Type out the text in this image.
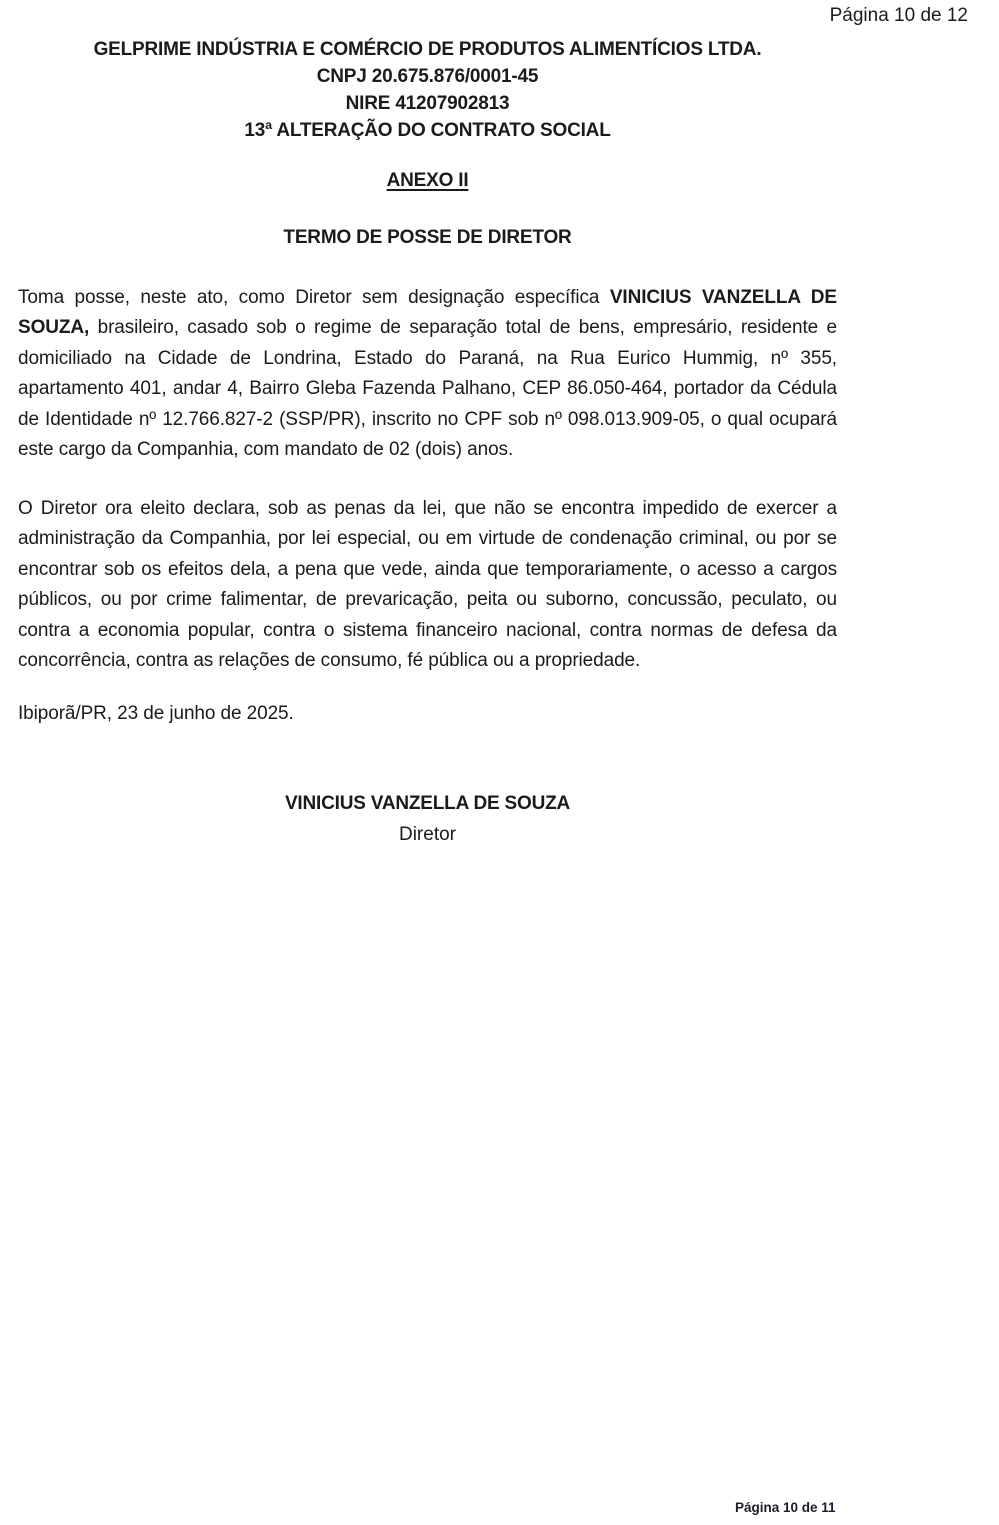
Página 10 de 12
GELPRIME INDÚSTRIA E COMÉRCIO DE PRODUTOS ALIMENTÍCIOS LTDA.
CNPJ 20.675.876/0001-45
NIRE 41207902813
13ª ALTERAÇÃO DO CONTRATO SOCIAL
ANEXO II
TERMO DE POSSE DE DIRETOR
Toma posse, neste ato, como Diretor sem designação específica VINICIUS VANZELLA DE SOUZA, brasileiro, casado sob o regime de separação total de bens, empresário, residente e domiciliado na Cidade de Londrina, Estado do Paraná, na Rua Eurico Hummig, nº 355, apartamento 401, andar 4, Bairro Gleba Fazenda Palhano, CEP 86.050-464, portador da Cédula de Identidade nº 12.766.827-2 (SSP/PR), inscrito no CPF sob nº 098.013.909-05, o qual ocupará este cargo da Companhia, com mandato de 02 (dois) anos.
O Diretor ora eleito declara, sob as penas da lei, que não se encontra impedido de exercer a administração da Companhia, por lei especial, ou em virtude de condenação criminal, ou por se encontrar sob os efeitos dela, a pena que vede, ainda que temporariamente, o acesso a cargos públicos, ou por crime falimentar, de prevaricação, peita ou suborno, concussão, peculato, ou contra a economia popular, contra o sistema financeiro nacional, contra normas de defesa da concorrência, contra as relações de consumo, fé pública ou a propriedade.
Ibiporã/PR, 23 de junho de 2025.
VINICIUS VANZELLA DE SOUZA
Diretor
Página 10 de 11
